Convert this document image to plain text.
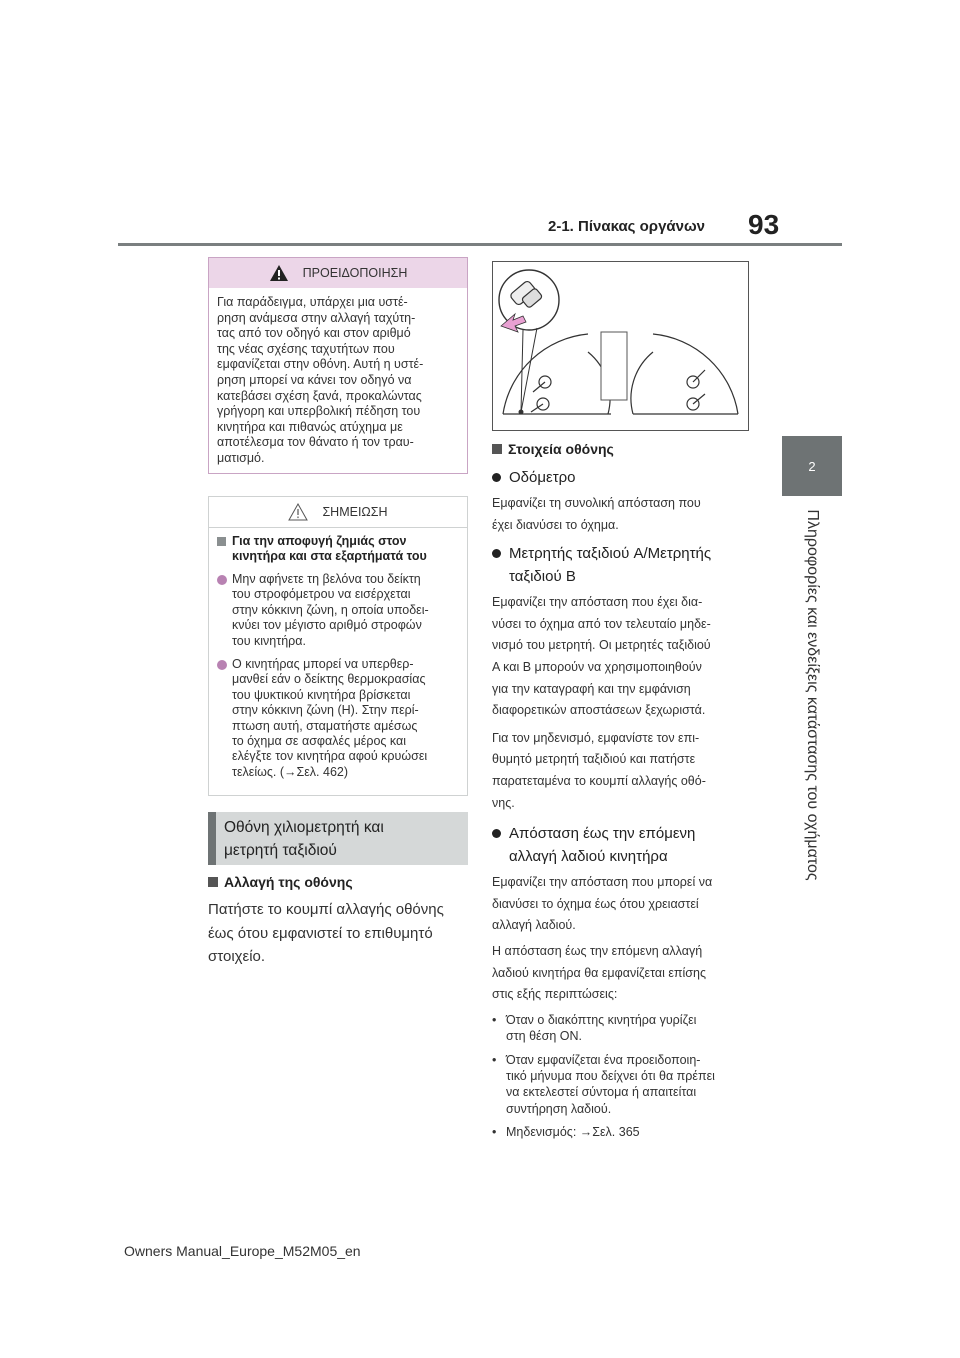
2-1. Πίνακας οργάνων 93
2
Πληροφορίες και ενδείξεις κατάστασης του οχήματος
ΠΡΟΕΙΔΟΠΟΙΗΣΗ
Για παράδειγμα, υπάρχει μια υστέ-
ρηση ανάμεσα στην αλλαγή ταχύτη-
τας από τον οδηγό και στον αριθμό
της νέας σχέσης ταχυτήτων που
εμφανίζεται στην οθόνη. Αυτή η υστέ-
ρηση μπορεί να κάνει τον οδηγό να
κατεβάσει σχέση ξανά, προκαλώντας
γρήγορη και υπερβολική πέδηση του
κινητήρα και πιθανώς ατύχημα με
αποτέλεσμα τον θάνατο ή τον τραυ-
ματισμό.
ΣΗΜΕΙΩΣΗ
Για την αποφυγή ζημιάς στον
κινητήρα και στα εξαρτήματά του
Μην αφήνετε τη βελόνα του δείκτη
του στροφόμετρου να εισέρχεται
στην κόκκινη ζώνη, η οποία υποδει-
κνύει τον μέγιστο αριθμό στροφών
του κινητήρα.
Ο κινητήρας μπορεί να υπερθερ-
μανθεί εάν ο δείκτης θερμοκρασίας
του ψυκτικού κινητήρα βρίσκεται
στην κόκκινη ζώνη (H). Στην περί-
πτωση αυτή, σταματήστε αμέσως
το όχημα σε ασφαλές μέρος και
ελέγξτε τον κινητήρα αφού κρυώσει
τελείως. (→Σελ. 462)
Οθόνη χιλιομετρητή και
μετρητή ταξιδιού
Αλλαγή της οθόνης
Πατήστε το κουμπί αλλαγής οθόνης
έως ότου εμφανιστεί το επιθυμητό
στοιχείο.
Στοιχεία οθόνης
Οδόμετρο
Εμφανίζει τη συνολική απόσταση που
έχει διανύσει το όχημα.
Μετρητής ταξιδιού A/Μετρητής
ταξιδιού B
Εμφανίζει την απόσταση που έχει δια-
νύσει το όχημα από τον τελευταίο μηδε-
νισμό του μετρητή. Οι μετρητές ταξιδιού
A και B μπορούν να χρησιμοποιηθούν
για την καταγραφή και την εμφάνιση
διαφορετικών αποστάσεων ξεχωριστά.
Για τον μηδενισμό, εμφανίστε τον επι-
θυμητό μετρητή ταξιδιού και πατήστε
παρατεταμένα το κουμπί αλλαγής οθό-
νης.
Απόσταση έως την επόμενη
αλλαγή λαδιού κινητήρα
Εμφανίζει την απόσταση που μπορεί να
διανύσει το όχημα έως ότου χρειαστεί
αλλαγή λαδιού.
Η απόσταση έως την επόμενη αλλαγή
λαδιού κινητήρα θα εμφανίζεται επίσης
στις εξής περιπτώσεις:
• Όταν ο διακόπτης κινητήρα γυρίζει
στη θέση ON.
• Όταν εμφανίζεται ένα προειδοποιη-
τικό μήνυμα που δείχνει ότι θα πρέπει
να εκτελεστεί σύντομα ή απαιτείται
συντήρηση λαδιού.
• Μηδενισμός: →Σελ. 365
Owners Manual_Europe_M52M05_en
